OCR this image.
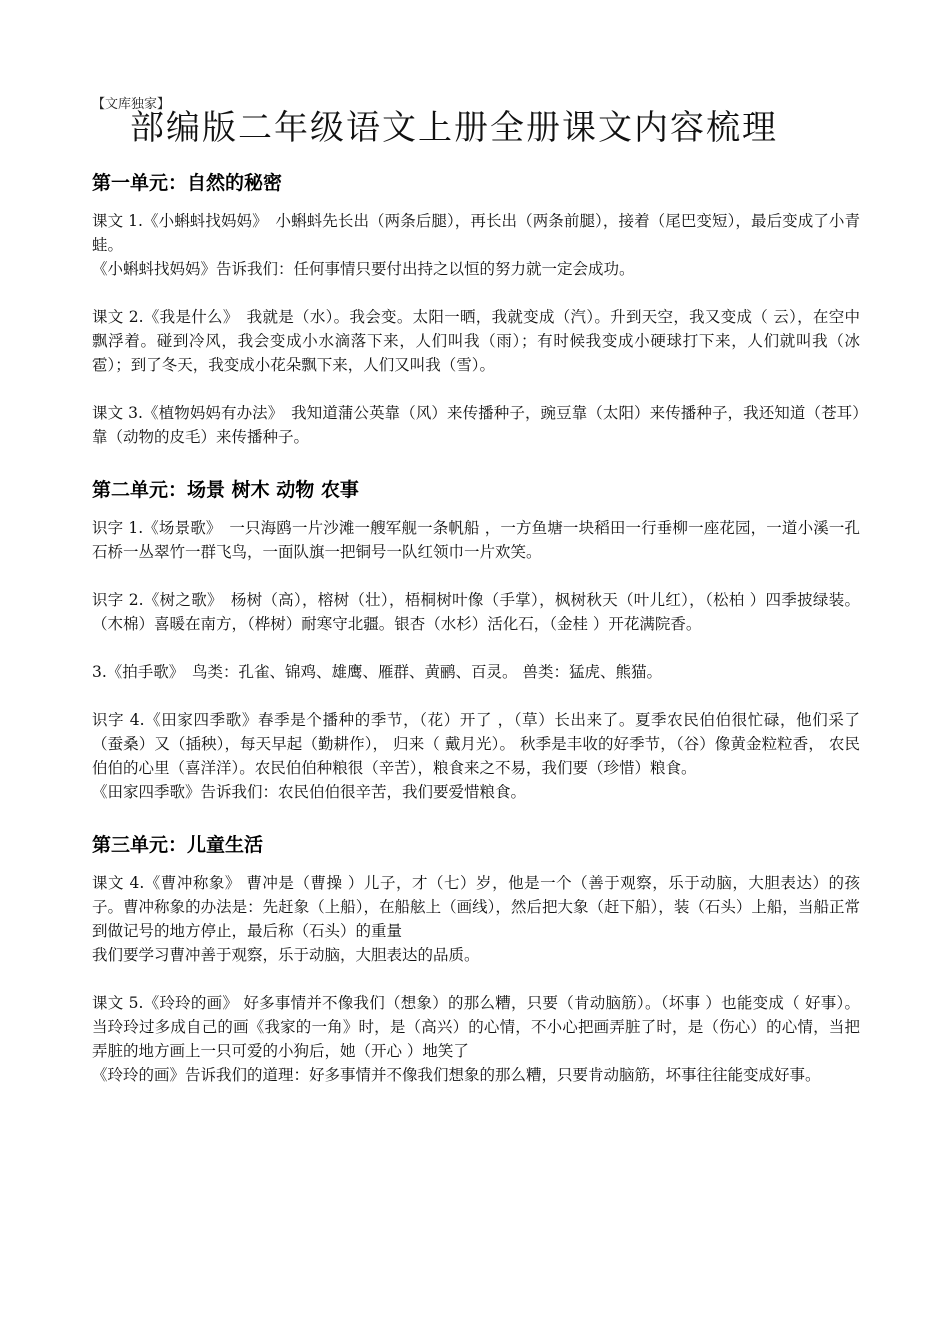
【文库独家】
部编版二年级语文上册全册课文内容梳理
第一单元：自然的秘密

课文 1.《小蝌蚪找妈妈》　小蝌蚪先长出（两条后腿），再长出（两条前腿），接着（尾巴变短），最后变成了小青蛙。

《小蝌蚪找妈妈》告诉我们：任何事情只要付出持之以恒的努力就一定会成功。

课文 2.《我是什么》　我就是（水）。我会变。太阳一晒，我就变成（汽）。升到天空，我又变成（ 云），在空中飘浮着。碰到冷风，我会变成小水滴落下来，人们叫我（雨）；有时候我变成小硬球打下来，人们就叫我（冰雹）；到了冬天，我变成小花朵飘下来，人们又叫我（雪）。

课文 3.《植物妈妈有办法》　我知道蒲公英靠（风）来传播种子，豌豆靠（太阳）来传播种子，我还知道（苍耳）靠（动物的皮毛）来传播种子。

第二单元：场景 树木 动物 农事

识字 1.《场景歌》　一只海鸥一片沙滩一艘军舰一条帆船 ，一方鱼塘一块稻田一行垂柳一座花园，一道小溪一孔石桥一丛翠竹一群飞鸟，一面队旗一把铜号一队红领巾一片欢笑。

识字 2.《树之歌》　杨树（高），榕树（壮），梧桐树叶像（手掌），枫树秋天（叶儿红），（松柏 ）四季披绿装。 （木棉）喜暖在南方，（桦树）耐寒守北疆。银杏（水杉）活化石，（金桂 ）开花满院香。

3.《拍手歌》　鸟类：孔雀、锦鸡、雄鹰、雁群、黄鹂、百灵。 兽类：猛虎、熊猫。

识字 4.《田家四季歌》春季是个播种的季节，（花）开了 ，（草）长出来了。夏季农民伯伯很忙碌，他们采了（蚕桑）又（插秧），每天早起（勤耕作）， 归来（ 戴月光）。 秋季是丰收的好季节，（谷）像黄金粒粒香， 农民伯伯的心里（喜洋洋）。农民伯伯种粮很（辛苦），粮食来之不易，我们要（珍惜）粮食。

《田家四季歌》告诉我们：农民伯伯很辛苦，我们要爱惜粮食。

第三单元：儿童生活

课文 4.《曹冲称象》 曹冲是（曹操 ）儿子，才（七）岁，他是一个（善于观察，乐于动脑，大胆表达）的孩子。曹冲称象的办法是：先赶象（上船），在船舷上（画线），然后把大象（赶下船），装（石头）上船，当船正常到做记号的地方停止，最后称（石头）的重量

我们要学习曹冲善于观察，乐于动脑，大胆表达的品质。

课文 5.《玲玲的画》 好多事情并不像我们（想象）的那么糟，只要（肯动脑筋）。（坏事 ）也能变成（ 好事）。当玲玲过多成自己的画《我家的一角》时，是（高兴）的心情，不小心把画弄脏了时，是（伤心）的心情，当把弄脏的地方画上一只可爱的小狗后，她（开心 ）地笑了

《玲玲的画》告诉我们的道理：好多事情并不像我们想象的那么糟，只要肯动脑筋，坏事往往能变成好事。
